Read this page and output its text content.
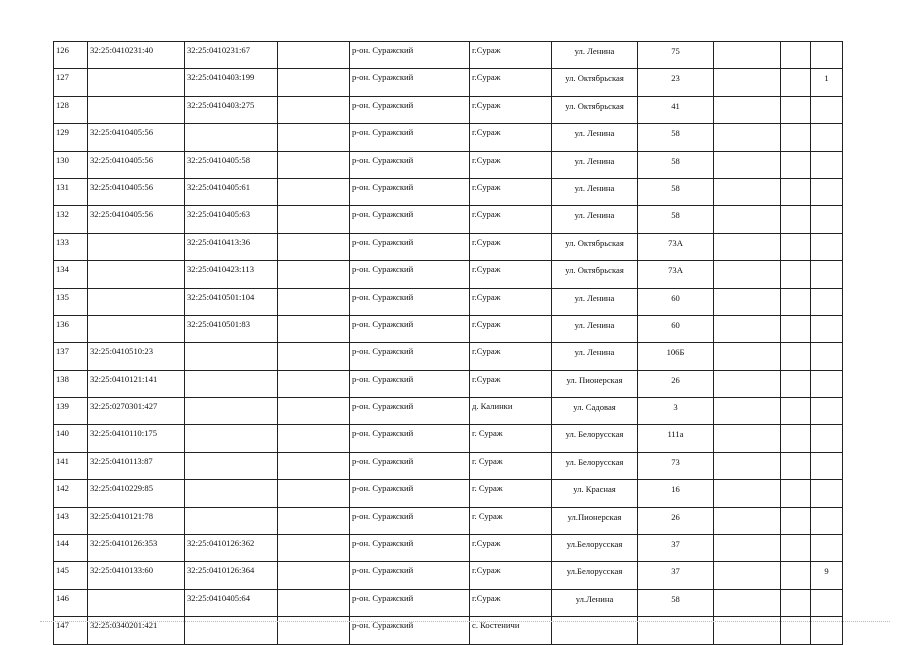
126	32:25:0410231:40	32:25:0410231:67		р-он. Суражский	г.Сураж	ул. Ленина	75			
127		32:25:0410403:199		р-он. Суражский	г.Сураж	ул. Октябрьская	23			1
128		32:25:0410403:275		р-он. Суражский	г.Сураж	ул. Октябрьская	41			
129	32:25:0410405:56			р-он. Суражский	г.Сураж	ул. Ленина	58			
130	32:25:0410405:56	32:25:0410405:58		р-он. Суражский	г.Сураж	ул. Ленина	58			
131	32:25:0410405:56	32:25:0410405:61		р-он. Суражский	г.Сураж	ул. Ленина	58			
132	32:25:0410405:56	32:25:0410405:63		р-он. Суражский	г.Сураж	ул. Ленина	58			
133		32:25:0410413:36		р-он. Суражский	г.Сураж	ул. Октябрьская	73А			
134		32:25:0410423:113		р-он. Суражский	г.Сураж	ул. Октябрьская	73А			
135		32:25:0410501:104		р-он. Суражский	г.Сураж	ул. Ленина	60			
136		32:25:0410501:83		р-он. Суражский	г.Сураж	ул. Ленина	60			
137	32:25:0410510:23			р-он. Суражский	г.Сураж	ул. Ленина	106Б			
138	32:25:0410121:141			р-он. Суражский	г.Сураж	ул. Пионерская	26			
139	32:25:0270301:427			р-он. Суражский	д. Калинки	ул. Садовая	3			
140	32:25:0410110:175			р-он. Суражский	г. Сураж	ул. Белорусская	111а			
141	32:25:0410113:87			р-он. Суражский	г. Сураж	ул. Белорусская	73			
142	32:25:0410229:85			р-он. Суражский	г. Сураж	ул. Красная	16			
143	32:25:0410121:78			р-он. Суражский	г. Сураж	ул.Пионерская	26			
144	32:25:0410126:353	32:25:0410126:362		р-он. Суражский	г.Сураж	ул.Белорусская	37			
145	32:25:0410133:60	32:25:0410126:364		р-он. Суражский	г.Сураж	ул.Белорусская	37			9
146		32:25:0410405:64		р-он. Суражский	г.Сураж	ул.Ленина	58			
147	32:25:0340201:421			р-он. Суражский	с. Костеничи					
